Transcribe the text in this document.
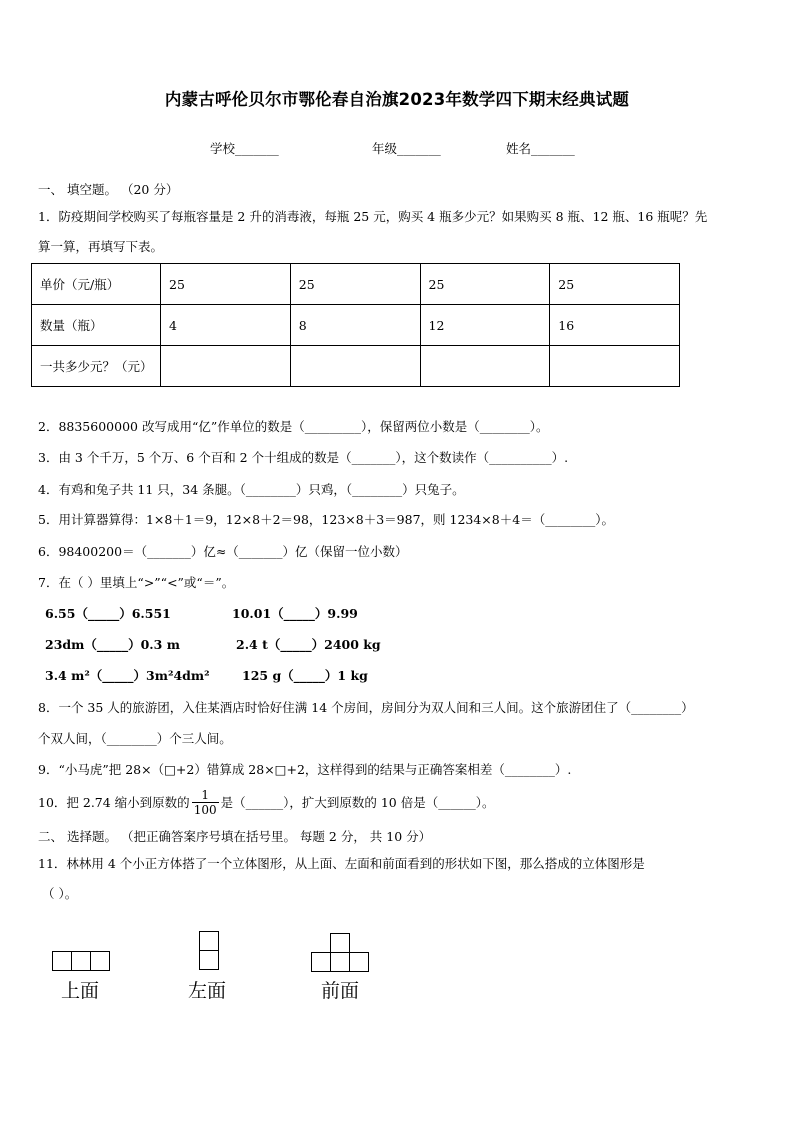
内蒙古呼伦贝尔市鄂伦春自治旗2023年数学四下期末经典试题
学校_______	年级_______	姓名_______
一、 填空题。 （20 分）
1．防疫期间学校购买了每瓶容量是 2 升的消毒液，每瓶 25 元，购买 4 瓶多少元？如果购买 8 瓶、12 瓶、16 瓶呢？先
算一算，再填写下表。
单价（元/瓶）	25	25	25	25
数量（瓶）	4	8	12	16
一共多少元？（元）				
2．8835600000 改写成用“亿”作单位的数是（_________），保留两位小数是（________）。
3．由 3 个千万，5 个万、6 个百和 2 个十组成的数是（_______），这个数读作（__________）.
4．有鸡和兔子共 11 只，34 条腿。（________）只鸡，（________）只兔子。
5．用计算器算得：1×8＋1＝9，12×8＋2＝98，123×8＋3＝987，则 1234×8＋4＝（________）。
6．98400200＝（_______）亿≈（_______）亿（保留一位小数）
7．在（ ）里填上“>”“<”或“＝”。
6.55（_____）6.551	10.01（_____）9.99
23dm（_____）0.3 m	2.4 t（_____）2400 kg
3.4 m²（_____）3m²4dm²	125 g（_____）1 kg
8．一个 35 人的旅游团，入住某酒店时恰好住满 14 个房间，房间分为双人间和三人间。这个旅游团住了（________）
个双人间，（________）个三人间。
9．“小马虎”把 28×（□+2）错算成 28×□+2，这样得到的结果与正确答案相差（________）.
10．把 2.74 缩小到原数的 $\frac{1}{100}$ 是（______），扩大到原数的 10 倍是（______）。
二、 选择题。 （把正确答案序号填在括号里。 每题 2 分， 共 10 分）
11．林林用 4 个小正方体搭了一个立体图形，从上面、左面和前面看到的形状如下图，那么搭成的立体图形是
（ ）。
上面	左面	前面
